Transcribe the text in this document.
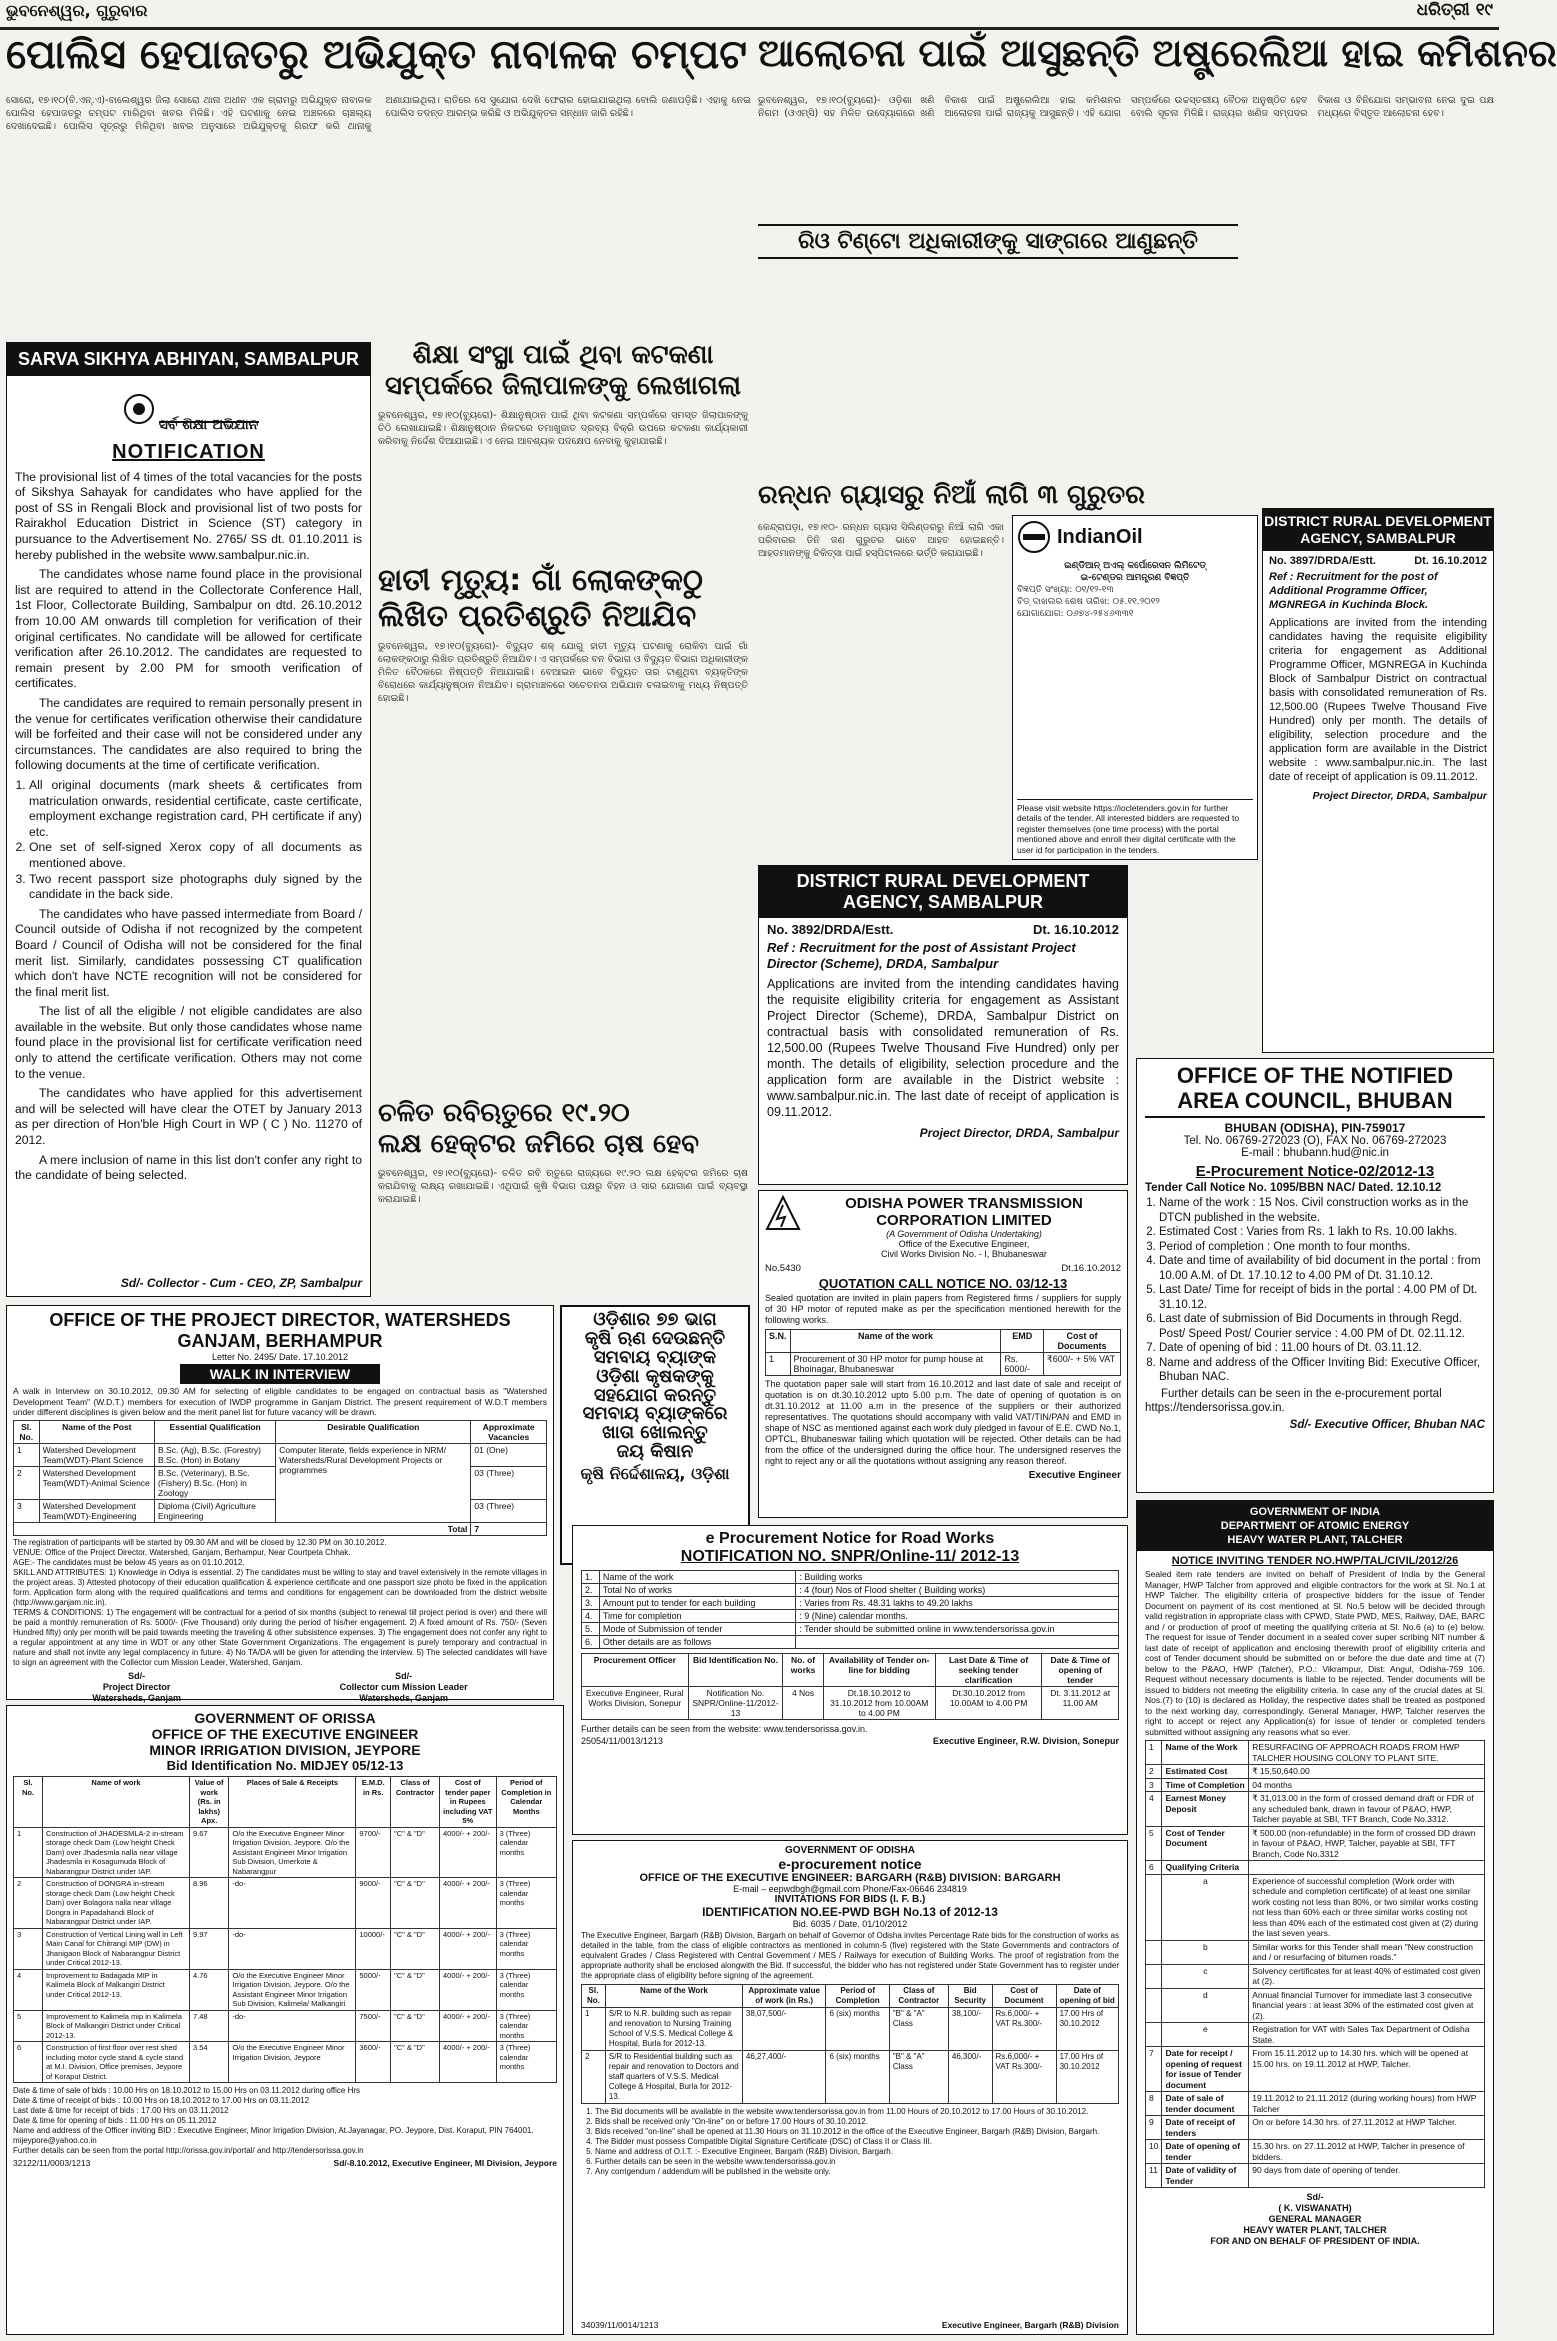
ଭୁବନେଶ୍ୱର, ଗୁରୁବାର	ଧରିତ୍ରୀ ୧୯
ପୋଲିସ ହେପାଜତରୁ ଅଭିଯୁକ୍ତ ନାବାଳକ ଚମ୍ପଟ
ସୋରୋ, ୧୭।୧୦(ବି.ଏନ୍.ଏ)-ବାଲେଶ୍ୱର ଜିଲା ସୋରୋ ଥାନା ଅଧୀନ ଏକ ଗ୍ରାମରୁ ଅଭିଯୁକ୍ତ ନାବାଳକ ପୋଲିସ ହେପାଜତରୁ ଚମ୍ପଟ ମାରିଥିବା ଖବର ମିଳିଛି। ଏହି ଘଟଣାକୁ ନେଇ ଅଞ୍ଚଳରେ ଚାଞ୍ଚଲ୍ୟ ଦେଖାଦେଇଛି। ପୋଲିସ ସୂତ୍ରରୁ ମିଳିଥିବା ଖବର ଅନୁସାରେ ଅଭିଯୁକ୍ତକୁ ଗିରଫ କରି ଥାନାକୁ ଅଣାଯାଇଥିଲା। ରାତିରେ ସେ ସୁଯୋଗ ଦେଖି ଫେରାର ହୋଇଯାଇଥିଲା ବୋଲି ଜଣାପଡ଼ିଛି। ଏହାକୁ ନେଇ ପୋଲିସ ତଦନ୍ତ ଆରମ୍ଭ କରିଛି ଓ ଅଭିଯୁକ୍ତର ସନ୍ଧାନ ଜାରି ରହିଛି।
ଆଲୋଚନା ପାଇଁ ଆସୁଛନ୍ତି ଅଷ୍ଟ୍ରେଲିଆ ହାଇ କମିଶନର
ଭୁବନେଶ୍ୱର, ୧୭।୧୦(ବ୍ୟୁରୋ)- ଓଡ଼ିଶା ଖଣି ନିଗମ (ଓଏମ୍‌ସି) ସହ ମିଳିତ ଉଦ୍ୟୋଗରେ ଖଣି ବିକାଶ ପାଇଁ ଅଷ୍ଟ୍ରେଲିଆ ହାଇ କମିଶନର ଆଲୋଚନା ପାଇଁ ରାଜ୍ୟକୁ ଆସୁଛନ୍ତି। ଏହି ଯୋଗ ସମ୍ପର୍କରେ ଉଚ୍ଚସ୍ତରୀୟ ବୈଠକ ଅନୁଷ୍ଠିତ ହେବ ବୋଲି ସୂଚନା ମିଳିଛି। ରାଜ୍ୟର ଖଣିଜ ସମ୍ପଦର ବିକାଶ ଓ ବିନିଯୋଗ ସମ୍ଭାବନା ନେଇ ଦୁଇ ପକ୍ଷ ମଧ୍ୟରେ ବିସ୍ତୃତ ଆଲୋଚନା ହେବ।
ରିଓ ଟିଣ୍ଟୋ ଅଧିକାରୀଙ୍କୁ ସାଙ୍ଗରେ ଆଣୁଛନ୍ତି
SARVA SIKHYA ABHIYAN, SAMBALPUR
ସର୍ବ ଶିକ୍ଷା ଅଭିଯାନ
NOTIFICATION

The provisional list of 4 times of the total vacancies for the posts of Sikshya Sahayak for candidates who have applied for the post of SS in Rengali Block and provisional list of two posts for Rairakhol Education District in Science (ST) category in pursuance to the Advertisement No. 2765/ SS dt. 01.10.2011 is hereby published in the website www.sambalpur.nic.in.

The candidates whose name found place in the provisional list are required to attend in the Collectorate Conference Hall, 1st Floor, Collectorate Building, Sambalpur on dtd. 26.10.2012 from 10.00 AM onwards till completion for verification of their original certificates. No candidate will be allowed for certificate verification after 26.10.2012. The candidates are requested to remain present by 2.00 PM for smooth verification of certificates.

The candidates are required to remain personally present in the venue for certificates verification otherwise their candidature will be forfeited and their case will not be considered under any circumstances. The candidates are also required to bring the following documents at the time of certificate verification.

1. All original documents (mark sheets & certificates from matriculation onwards, residential certificate, caste certificate, employment exchange registration card, PH certificate if any) etc.
2. One set of self-signed Xerox copy of all documents as mentioned above.
3. Two recent passport size photographs duly signed by the candidate in the back side.

The candidates who have passed intermediate from Board / Council outside of Odisha if not recognized by the competent Board / Council of Odisha will not be considered for the final merit list. Similarly, candidates possessing CT qualification which don't have NCTE recognition will not be considered for the final merit list.

The list of all the eligible / not eligible candidates are also available in the website. But only those candidates whose name found place in the provisional list for certificate verification need only to attend the certificate verification. Others may not come to the venue.

The candidates who have applied for this advertisement and will be selected will have clear the OTET by January 2013 as per direction of Hon'ble High Court in WP ( C ) No. 11270 of 2012.

A mere inclusion of name in this list don't confer any right to the candidate of being selected.

Sd/- Collector - Cum - CEO, ZP, Sambalpur
ଶିକ୍ଷା ସଂସ୍ଥା ପାଇଁ ଥିବା କଟକଣା
ସମ୍ପର୍କରେ ଜିଲାପାଳଙ୍କୁ ଲେଖାଗଲା
ଭୁବନେଶ୍ୱର, ୧୭।୧୦(ବ୍ୟୁରୋ)- ଶିକ୍ଷାନୁଷ୍ଠାନ ପାଇଁ ଥିବା କଟକଣା ସମ୍ପର୍କରେ ସମସ୍ତ ଜିଲାପାଳଙ୍କୁ ଚିଠି ଲେଖାଯାଇଛି। ଶିକ୍ଷାନୁଷ୍ଠାନ ନିକଟରେ ତମାଖୁଜାତ ଦ୍ରବ୍ୟ ବିକ୍ରି ଉପରେ କଟକଣା କାର୍ଯ୍ୟକାରୀ କରିବାକୁ ନିର୍ଦ୍ଦେଶ ଦିଆଯାଇଛି। ଏ ନେଇ ଆବଶ୍ୟକ ପଦକ୍ଷେପ ନେବାକୁ କୁହାଯାଇଛି।
ହାତୀ ମୃତ୍ୟୁ: ଗାଁ ଲୋକଙ୍କଠୁ
ଲିଖିତ ପ୍ରତିଶ୍ରୁତି ନିଆଯିବ
ଭୁବନେଶ୍ୱର, ୧୭।୧୦(ବ୍ୟୁରୋ)- ବିଦ୍ୟୁତ ଶକ୍ ଯୋଗୁ ହାତୀ ମୃତ୍ୟୁ ଘଟଣାକୁ ରୋକିବା ପାଇଁ ଗାଁ ଲୋକଙ୍କଠାରୁ ଲିଖିତ ପ୍ରତିଶ୍ରୁତି ନିଆଯିବ। ଏ ସମ୍ପର୍କରେ ବନ ବିଭାଗ ଓ ବିଦ୍ୟୁତ ବିଭାଗ ଅଧିକାରୀଙ୍କ ମିଳିତ ବୈଠକରେ ନିଷ୍ପତ୍ତି ନିଆଯାଇଛି। ବେଆଇନ ଭାବେ ବିଦ୍ୟୁତ ତାର ଟାଣୁଥିବା ବ୍ୟକ୍ତିଙ୍କ ବିରୋଧରେ କାର୍ଯ୍ୟାନୁଷ୍ଠାନ ନିଆଯିବ। ଗ୍ରାମାଞ୍ଚଳରେ ସଚେତନତା ଅଭିଯାନ ଚଳାଇବାକୁ ମଧ୍ୟ ନିଷ୍ପତ୍ତି ହୋଇଛି।
ଚଳିତ ରବିଋତୁରେ ୧୯.୨୦
ଲକ୍ଷ ହେକ୍ଟର ଜମିରେ ଚାଷ ହେବ
ଭୁବନେଶ୍ୱର, ୧୭।୧୦(ବ୍ୟୁରୋ)- ଚଳିତ ରବି ଋତୁରେ ରାଜ୍ୟରେ ୧୯.୨୦ ଲକ୍ଷ ହେକ୍ଟର ଜମିରେ ଚାଷ କରାଯିବାକୁ ଲକ୍ଷ୍ୟ ରଖାଯାଇଛି। ଏଥିପାଇଁ କୃଷି ବିଭାଗ ପକ୍ଷରୁ ବିହନ ଓ ସାର ଯୋଗାଣ ପାଇଁ ବ୍ୟବସ୍ଥା କରାଯାଇଛି।
ରନ୍ଧନ ଗ୍ୟାସରୁ ନିଆଁ ଲାଗି ୩ ଗୁରୁତର
କେନ୍ଦ୍ରାପଡ଼ା, ୧୭।୧୦- ରନ୍ଧନ ଗ୍ୟାସ ସିଲିଣ୍ଡରରୁ ନିଆଁ ଲାଗି ଏକା ପରିବାରର ତିନି ଜଣ ଗୁରୁତର ଭାବେ ଆହତ ହୋଇଛନ୍ତି। ଆହତମାନଙ୍କୁ ଚିକିତ୍ସା ପାଇଁ ହସ୍ପିଟାଲରେ ଭର୍ତ୍ତି କରାଯାଇଛି।
IndianOil
ଇଣ୍ଡିଆନ୍ ଅଏଲ୍ କର୍ପୋରେସନ ଲିମିଟେଡ୍
ଇ-ଟେଣ୍ଡର ଆମନ୍ତ୍ରଣ ବିଜ୍ଞପ୍ତି
ବିଜ୍ଞପ୍ତି ସଂଖ୍ୟା: ୦୧/୧୨-୧୩
ବିଡ୍ ଦାଖଲର ଶେଷ ତାରିଖ: ୦୫.୧୧.୨୦୧୨
ଯୋଗାଯୋଗ: ୦୬୭୪-୨୫୪୬୩୩୧
Please visit website https://iocletenders.gov.in for further details of the tender. All interested bidders are requested to register themselves (one time process) with the portal mentioned above and enroll their digital certificate with the user id for participation in the tenders.
DISTRICT RURAL DEVELOPMENT
AGENCY, SAMBALPUR
No. 3897/DRDA/Estt.	Dt. 16.10.2012
Ref : Recruitment for the post of Additional Programme Officer, MGNREGA in Kuchinda Block.
Applications are invited from the intending candidates having the requisite eligibility criteria for engagement as Additional Programme Officer, MGNREGA in Kuchinda Block of Sambalpur District on contractual basis with consolidated remuneration of Rs. 12,500.00 (Rupees Twelve Thousand Five Hundred) only per month. The details of eligibility, selection procedure and the application form are available in the District website : www.sambalpur.nic.in. The last date of receipt of application is 09.11.2012.
Project Director, DRDA, Sambalpur
DISTRICT RURAL DEVELOPMENT
AGENCY, SAMBALPUR
No. 3892/DRDA/Estt.	Dt. 16.10.2012
Ref : Recruitment for the post of Assistant Project Director (Scheme), DRDA, Sambalpur
Applications are invited from the intending candidates having the requisite eligibility criteria for engagement as Assistant Project Director (Scheme), DRDA, Sambalpur District on contractual basis with consolidated remuneration of Rs. 12,500.00 (Rupees Twelve Thousand Five Hundred) only per month. The details of eligibility, selection procedure and the application form are available in the District website : www.sambalpur.nic.in. The last date of receipt of application is 09.11.2012.
Project Director, DRDA, Sambalpur
OFFICE OF THE NOTIFIED
AREA COUNCIL, BHUBAN
BHUBAN (ODISHA), PIN-759017
Tel. No. 06769-272023 (O), FAX No. 06769-272023
E-mail : bhubann.hud@nic.in
E-Procurement Notice-02/2012-13
Tender Call Notice No. 1095/BBN NAC/ Dated. 12.10.12
1. Name of the work : 15 Nos. Civil construction works as in the DTCN published in the website.
2. Estimated Cost : Varies from Rs. 1 lakh to Rs. 10.00 lakhs.
3. Period of completion : One month to four months.
4. Date and time of availability of bid document in the portal : from 10.00 A.M. of Dt. 17.10.12 to 4.00 PM of Dt. 31.10.12.
5. Last Date/ Time for receipt of bids in the portal : 4.00 PM of Dt. 31.10.12.
6. Last date of submission of Bid Documents in through Regd. Post/ Speed Post/ Courier service : 4.00 PM of Dt. 02.11.12.
7. Date of opening of bid : 11.00 hours of Dt. 03.11.12.
8. Name and address of the Officer Inviting Bid: Executive Officer, Bhuban NAC.
Further details can be seen in the e-procurement portal https://tendersorissa.gov.in.
Sd/- Executive Officer, Bhuban NAC
ODISHA POWER TRANSMISSION
CORPORATION LIMITED
(A Government of Odisha Undertaking)
Office of the Executive Engineer,
Civil Works Division No. - I, Bhubaneswar
No.5430	Dt.16.10.2012
QUOTATION CALL NOTICE NO. 03/12-13
Sealed quotation are invited in plain papers from Registered firms / suppliers for supply of 30 HP motor of reputed make as per the specification mentioned herewith for the following works.
S.N.	Name of the work	EMD	Cost of Documents
1	Procurement of 30 HP motor for pump house at Bhoinagar, Bhubaneswar	Rs. 6000/-	₹600/- + 5% VAT
The quotation paper sale will start from 16.10.2012 and last date of sale and receipt of quotation is on dt.30.10.2012 upto 5.00 p.m. The date of opening of quotation is on dt.31.10.2012 at 11.00 a.m in the presence of the suppliers or their authorized representatives. The quotations should accompany with valid VAT/TIN/PAN and EMD in shape of NSC as mentioned against each work duly pledged in favour of E.E. CWD No.1, OPTCL, Bhubaneswar failing which quotation will be rejected. Other details can be had from the office of the undersigned during the office hour. The undersigned reserves the right to reject any or all the quotations without assigning any reason thereof.
Executive Engineer
ଓଡ଼ିଶାର ୭୭ ଭାଗ
କୃଷି ଋଣ ଦେଉଛନ୍ତି
ସମବାୟ ବ୍ୟାଙ୍କ
ଓଡ଼ିଶା କୃଷକଙ୍କୁ
ସହଯୋଗ କରନ୍ତୁ
ସମବାୟ ବ୍ୟାଙ୍କରେ
ଖାତା ଖୋଲନ୍ତୁ
ଜୟ କିଷାନ
କୃଷି ନିର୍ଦ୍ଦେଶାଳୟ, ଓଡ଼ିଶା
OFFICE OF THE PROJECT DIRECTOR, WATERSHEDS
GANJAM, BERHAMPUR
Letter No. 2495/ Date. 17.10.2012
WALK IN INTERVIEW
A walk in Interview on 30.10.2012, 09.30 AM for selecting of eligible candidates to be engaged on contractual basis as "Watershed Development Team" (W.D.T.) members for execution of IWDP programme in Ganjam District. The present requirement of W.D.T members under different disciplines is given below and the merit panel list for future vacancy will be drawn.
Sl. No.	Name of the Post	Essential Qualification	Desirable Qualification	Approximate Vacancies
1	Watershed Development Team(WDT)-Plant Science	B.Sc. (Ag), B.Sc. (Forestry) B.Sc. (Hon) in Botany	Computer literate, fields experience in NRM/ Watersheds/Rural Development Projects or programmes	01 (One)
2	Watershed Development Team(WDT)-Animal Science	B.Sc. (Veterinary), B.Sc. (Fishery) B.Sc. (Hon) in Zoology		03 (Three)
3	Watershed Development Team(WDT)-Engineering	Diploma (Civil) Agriculture Engineering		03 (Three)
Total				7
The registration of participants will be started by 09.30 AM and will be closed by 12.30 PM on 30.10.2012.
VENUE: Office of the Project Director, Watershed, Ganjam, Berhampur, Near Courtpeta Chhak.
AGE:- The candidates must be below 45 years as on 01.10.2012.
SKILL AND ATTRIBUTES: 1) Knowledge in Odiya is essential. 2) The candidates must be willing to stay and travel extensively in the remote villages in the project areas. 3) Attested photocopy of their education qualification & experience certificate and one passport size photo be fixed in the application form. Application form along with the required qualifications and terms and conditions for engagement can be downloaded from the district website (http://www.ganjam.nic.in).
TERMS & CONDITIONS: 1) The engagement will be contractual for a period of six months (subject to renewal till project period is over) and there will be paid a monthly remuneration of Rs. 5000/- (Five Thousand) only during the period of his/her engagement. 2) A fixed amount of Rs. 750/- (Seven Hundred fifty) only per month will be paid towards meeting the traveling & other subsistence expenses. 3) The engagement does not confer any right to a regular appointment at any time in WDT or any other State Government Organizations. The engagement is purely temporary and contractual in nature and shall not invite any legal complacency in future. 4) No TA/DA will be given for attending the interview. 5) The selected candidates will have to sign an agreement with the Collector cum Mission Leader, Watershed, Ganjam.
Sd/-
Project Director
Watersheds, Ganjam
Sd/-
Collector cum Mission Leader
Watersheds, Ganjam
GOVERNMENT OF ORISSA
OFFICE OF THE EXECUTIVE ENGINEER
MINOR IRRIGATION DIVISION, JEYPORE
Bid Identification No. MIDJEY 05/12-13
Sl. No.	Name of work	Value of work (Rs. in lakhs) Apx.	Places of Sale & Receipts	E.M.D. in Rs.	Class of Contractor	Cost of tender paper in Rupees including VAT 5%	Period of Completion in Calendar Months
1	Construction of JHADESMLA-2 in-stream storage check Dam (Low height Check Dam) over Jhadesmla nalla near village Jhadesmla in Kosagumuda Block of Nabarangpur District under IAP.	9.67	O/o the Executive Engineer Minor Irrigation Division, Jeypore. O/o the Assistant Engineer Minor Irrigation Sub Division, Umerkote & Nabarangpur	9700/-	"C" & "D"	4000/- + 200/-	3 (Three) calendar months
2	Construction of DONGRA in-stream storage check Dam (Low height Check Dam) over Bolagora nalla near village Dongra in Papadahandi Block of Nabarangpur District under IAP.	8.96	-do-	9000/-	"C" & "D"	4000/- + 200/-	3 (Three) calendar months
3	Construction of Vertical Lining wall in Left Main Canal for Chitrangi MIP (DW) in Jhanigaon Block of Nabarangpur District under Critical 2012-13.	9.97	-do-	10000/-	"C" & "D"	4000/- + 200/-	3 (Three) calendar months
4	Improvement to Badagada MIP in Kalimela Block of Malkangiri District under Critical 2012-13.	4.76	O/o the Executive Engineer Minor Irrigation Division, Jeypore. O/o the Assistant Engineer Minor Irrigation Sub Division, Kalimela/ Malkangiri	5000/-	"C" & "D"	4000/- + 200/-	3 (Three) calendar months
5	Improvement to Kalimela mip in Kalimela Block of Malkangiri District under Critical 2012-13.	7.48	-do-	7500/-	"C" & "D"	4000/- + 200/-	3 (Three) calendar months
6	Construction of first floor over rest shed including motor cycle stand & cycle stand at M.I. Division, Office premises, Jeypore of Koraput District.	3.54	O/o the Executive Engineer Minor Irrigation Division, Jeypore	3600/-	"C" & "D"	4000/- + 200/-	3 (Three) calendar months
Date & time of sale of bids : 10.00 Hrs on 18.10.2012 to 15.00 Hrs on 03.11.2012 during office Hrs
Date & time of receipt of bids : 10.00 Hrs on 18.10.2012 to 17.00 Hrs on 03.11.2012
Last date & time for receipt of bids : 17.00 Hrs on 03.11.2012
Date & time for opening of bids : 11.00 Hrs on 05.11.2012
Name and address of the Officer inviting BID : Executive Engineer, Minor Irrigation Division, At.Jayanagar, PO. Jeypore, Dist. Koraput, PIN 764001. mijeypore@yahoo.co.in
Further details can be seen from the portal http://orissa.gov.in/portal/ and http://tendersorissa.gov.in
32122/11/0003/1213	Sd/-8.10.2012, Executive Engineer, MI Division, Jeypore
e Procurement Notice for Road Works
NOTIFICATION NO. SNPR/Online-11/ 2012-13
1.	Name of the work	: Building works
2.	Total No of works	: 4 (four) Nos of Flood shelter ( Building works)
3.	Amount put to tender for each building	: Varies from Rs. 48.31 lakhs to 49.20 lakhs
4.	Time for completion	: 9 (Nine) calendar months.
5.	Mode of Submission of tender	: Tender should be submitted online in www.tendersorissa.gov.in
6.	Other details are as follows	
Procurement Officer	Bid Identification No.	No. of works	Availability of Tender on-line for bidding	Last Date & Time of seeking tender clarification	Date & Time of opening of tender
Executive Engineer, Rural Works Division, Sonepur	Notification No. SNPR/Online-11/2012-13	4 Nos	Dt.18.10.2012 to 31.10.2012 from 10.00AM to 4.00 PM	Dt.30.10.2012 from 10.00AM to 4.00 PM	Dt. 3.11.2012 at 11.00 AM
Further details can be seen from the website: www.tendersorissa.gov.in.
25054/11/0013/1213	Executive Engineer, R.W. Division, Sonepur
GOVERNMENT OF ODISHA
e-procurement notice
OFFICE OF THE EXECUTIVE ENGINEER: BARGARH (R&B) DIVISION: BARGARH
E-mail – eepwdbgh@gmail.com Phone/Fax-06646 234819
INVITATIONS FOR BIDS (I. F. B.)
IDENTIFICATION NO.EE-PWD BGH No.13 of 2012-13
Bid. 6035 / Date. 01/10/2012
The Executive Engineer, Bargarh (R&B) Division, Bargarh on behalf of Governor of Odisha invites Percentage Rate bids for the construction of works as detailed in the table, from the class of eligible contractors as mentioned in column-5 (five) registered with the State Governments and contractors of equivalent Grades / Class Registered with Central Government / MES / Railways for execution of Building Works. The proof of registration from the appropriate authority shall be enclosed alongwith the Bid. If successful, the bidder who has not registered under State Government has to register under the appropriate class of eligibility before signing of the agreement.
Sl. No.	Name of the Work	Approximate value of work (in Rs.)	Period of Completion	Class of Contractor	Bid Security	Cost of Document	Date of opening of bid
1	S/R to N.R. building such as repair and renovation to Nursing Training School of V.S.S. Medical College & Hospital, Burla for 2012-13.	38,07,500/-	6 (six) months	"B" & "A" Class	38,100/-	Rs.6,000/- + VAT Rs.300/-	17.00 Hrs of 30.10.2012
2	S/R to Residential building such as repair and renovation to Doctors and staff quarters of V.S.S. Medical College & Hospital, Burla for 2012-13.	46,27,400/-	6 (six) months	"B" & "A" Class	46,300/-	Rs.6,000/- + VAT Rs.300/-	17.00 Hrs of 30.10.2012
1. The Bid documents will be available in the website www.tendersorissa.gov.in from 11.00 Hours of 20.10.2012 to 17.00 Hours of 30.10.2012.
2. Bids shall be received only "On-line" on or before 17.00 Hours of 30.10.2012.
3. Bids received "on-line" shall be opened at 11.30 Hours on 31.10.2012 in the office of the Executive Engineer, Bargarh (R&B) Division, Bargarh.
4. The Bidder must possess Compatible Digital Signature Certificate (DSC) of Class II or Class III.
5. Name and address of O.I.T. :- Executive Engineer, Bargarh (R&B) Division, Bargarh.
6. Further details can be seen in the website www.tendersorissa.gov.in
7. Any corrigendum / addendum will be published in the website only.
34039/11/0014/1213	Executive Engineer, Bargarh (R&B) Division
GOVERNMENT OF INDIA
DEPARTMENT OF ATOMIC ENERGY
HEAVY WATER PLANT, TALCHER
NOTICE INVITING TENDER NO.HWP/TAL/CIVIL/2012/26
Sealed item rate tenders are invited on behalf of President of India by the General Manager, HWP Talcher from approved and eligible contractors for the work at Sl. No.1 at HWP Talcher. The eligibility criteria of prospective bidders for the issue of Tender Document on payment of its cost mentioned at Sl. No.5 below will be decided through valid registration in appropriate class with CPWD, State PWD, MES, Railway, DAE, BARC and / or production of proof of meeting the qualifying criteria at Sl. No.6 (a) to (e) below. The request for issue of Tender document in a sealed cover super scribing NIT number & last date of receipt of application and enclosing therewith proof of eligibility criteria and cost of Tender document should be submitted on or before the due date and time at (7) below to the P&AO, HWP (Talcher), P.O.: Vikrampur, Dist: Angul, Odisha-759 106. Request without necessary documents is liable to be rejected. Tender documents will be issued to bidders not meeting the eligibility criteria. In case any of the crucial dates at Sl. Nos.(7) to (10) is declared as Holiday, the respective dates shall be treated as postponed to the next working day, correspondingly. General Manager, HWP, Talcher reserves the right to accept or reject any Application(s) for issue of tender or completed tenders submitted without assigning any reasons what so ever.
1	Name of the Work	RESURFACING OF APPROACH ROADS FROM HWP TALCHER HOUSING COLONY TO PLANT SITE.
2	Estimated Cost	₹ 15,50,640.00
3	Time of Completion	04 months
4	Earnest Money Deposit	₹ 31,013.00 in the form of crossed demand draft or FDR of any scheduled bank, drawn in favour of P&AO, HWP, Talcher payable at SBI, TFT Branch, Code No.3312.
5	Cost of Tender Document	₹ 500.00 (non-refundable) in the form of crossed DD drawn in favour of P&AO, HWP, Talcher, payable at SBI, TFT Branch, Code No.3312
6	Qualifying Criteria	
	a	Experience of successful completion (Work order with schedule and completion certificate) of at least one similar work costing not less than 80%, or two similar works costing not less than 60% each or three similar works costing not less than 40% each of the estimated cost given at (2) during the last seven years.
	b	Similar works for this Tender shall mean "New construction and / or resurfacing of bitumen roads."
	c	Solvency certificates for at least 40% of estimated cost given at (2).
	d	Annual financial Turnover for immediate last 3 consecutive financial years : at least 30% of the estimated cost given at (2).
	e	Registration for VAT with Sales Tax Department of Odisha State.
7	Date for receipt / opening of request for issue of Tender document	From 15.11.2012 up to 14.30 hrs. which will be opened at 15.00 hrs. on 19.11.2012 at HWP, Talcher.
8	Date of sale of tender document	19.11.2012 to 21.11.2012 (during working hours) from HWP Talcher
9	Date of receipt of tenders	On or before 14.30 hrs. of 27.11.2012 at HWP Talcher.
10	Date of opening of tender	15.30 hrs. on 27.11.2012 at HWP, Talcher in presence of bidders.
11	Date of validity of Tender	90 days from date of opening of tender.
Sd/-
( K. VISWANATH)
GENERAL MANAGER
HEAVY WATER PLANT, TALCHER
FOR AND ON BEHALF OF PRESIDENT OF INDIA.
